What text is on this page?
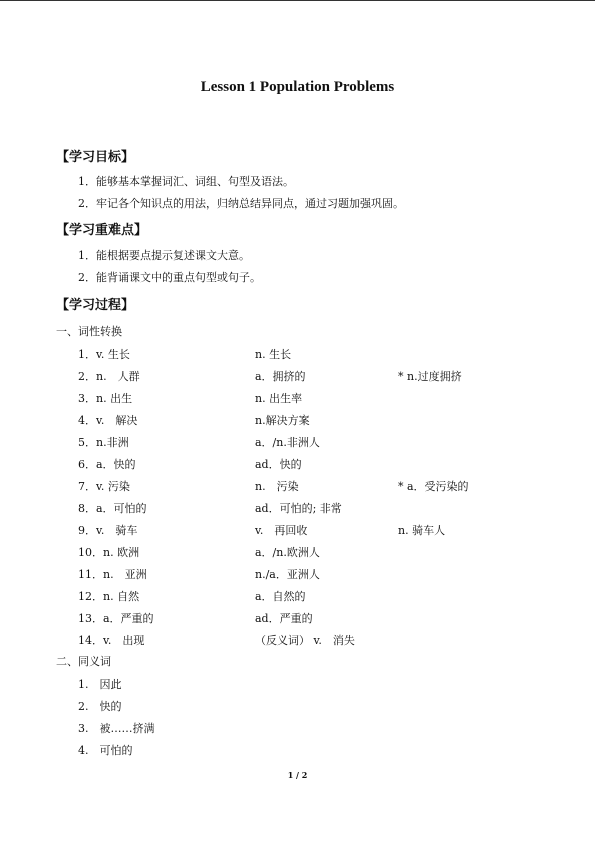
Lesson 1 Population Problems
【学习目标】
1．能够基本掌握词汇、词组、句型及语法。
2．牢记各个知识点的用法，归纳总结异同点，通过习题加强巩固。
【学习重难点】
1．能根据要点提示复述课文大意。
2．能背诵课文中的重点句型或句子。
【学习过程】
一、词性转换
1．v. 生长	n. 生长
2．n.　人群	a．拥挤的	* n.过度拥挤
3．n. 出生	n. 出生率
4．v.　解决	n.解决方案
5．n.非洲	a．/n.非洲人
6．a．快的	ad．快的
7．v. 污染	n.　污染	* a．受污染的
8．a．可怕的	ad．可怕的; 非常
9．v.　骑车	v.　再回收	n. 骑车人
10．n. 欧洲	a．/n.欧洲人
11．n.　亚洲	n./a．亚洲人
12．n. 自然	a．自然的
13．a．严重的	ad．严重的
14．v.　出现	（反义词） v.　消失
二、同义词
1.　因此
2.　快的
3.　被……挤满
4.　可怕的
1 / 2
